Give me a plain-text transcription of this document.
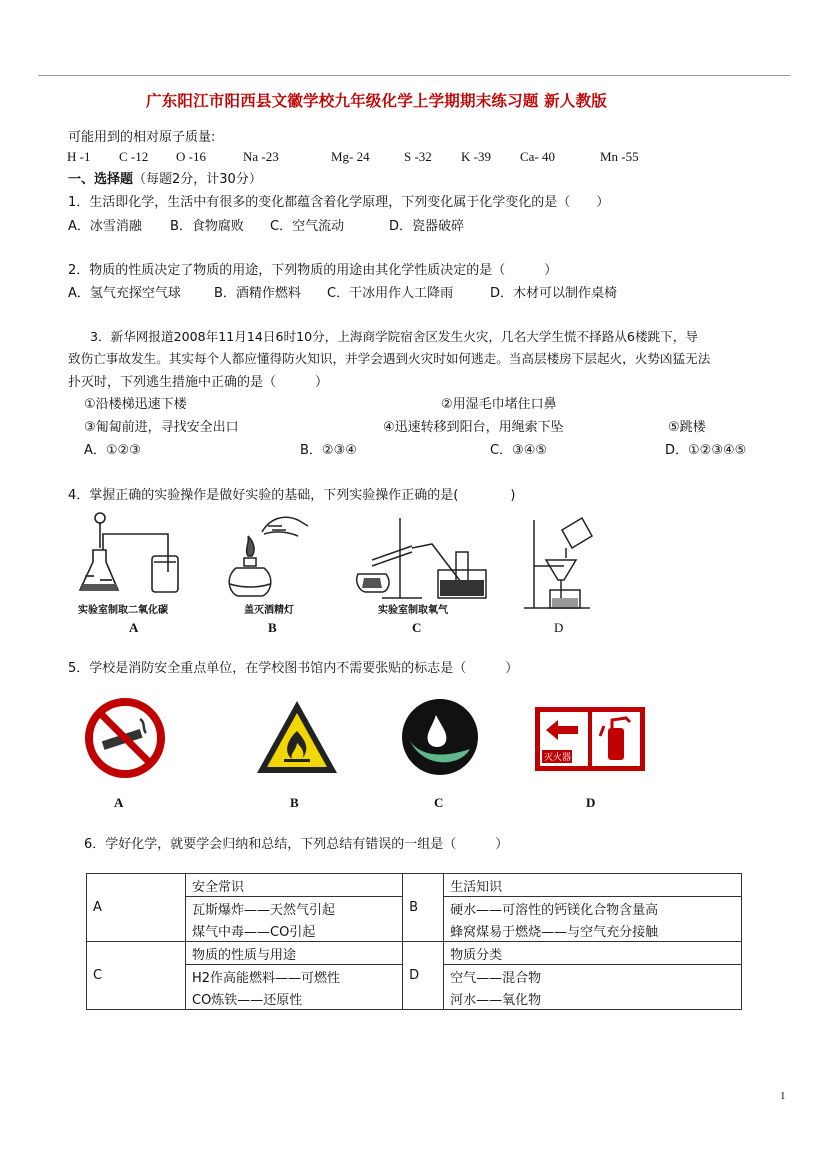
广东阳江市阳西县文徽学校九年级化学上学期期末练习题 新人教版
可能用到的相对原子质量:
H -1 C -12 O -16	Na -23	Mg- 24	S -32 K -39 Ca- 40	Mn -55
一、选择题（每题2分，计30分）
1．生活即化学，生活中有很多的变化都蕴含着化学原理，下列变化属于化学变化的是（　　）
A．冰雪消融 B．食物腐败 C．空气流动	D．瓷器破碎
2．物质的性质决定了物质的用途，下列物质的用途由其化学性质决定的是（　　　）
A．氢气充探空气球	B．酒精作燃料 C．干冰用作人工降雨	D．木材可以制作桌椅
3．新华网报道2008年11月14日6时10分，上海商学院宿舍区发生火灾，几名大学生慌不择路从6楼跳下，导
致伤亡事故发生。其实每个人都应懂得防火知识，并学会遇到火灾时如何逃走。当高层楼房下层起火，火势凶猛无法
扑灭时，下列逃生措施中正确的是（　　　）
①沿楼梯迅速下楼	②用湿毛巾堵住口鼻
③匍匐前进，寻找安全出口	④迅速转移到阳台，用绳索下坠	⑤跳楼
A．①②③	B．②③④	C．③④⑤	D．①②③④⑤
4．掌握正确的实验操作是做好实验的基础，下列实验操作正确的是(　　　　)
实验室制取二氧化碳
A
盖灭酒精灯
B
实验室制取氧气
C	D
5．学校是消防安全重点单位，在学校图书馆内不需要张贴的标志是（　　　）
A	B	C
灭火器
D
6．学好化学，就要学会归纳和总结，下列总结有错误的一组是（　　　）
A	安全常识	B	生活知识
	瓦斯爆炸——天然气引起		硬水——可溶性的钙镁化合物含量高
	煤气中毒——CO引起		蜂窝煤易于燃烧——与空气充分接触
C	物质的性质与用途	D	物质分类
	H2作高能燃料——可燃性		空气——混合物
	CO炼铁——还原性		河水——氧化物
1
